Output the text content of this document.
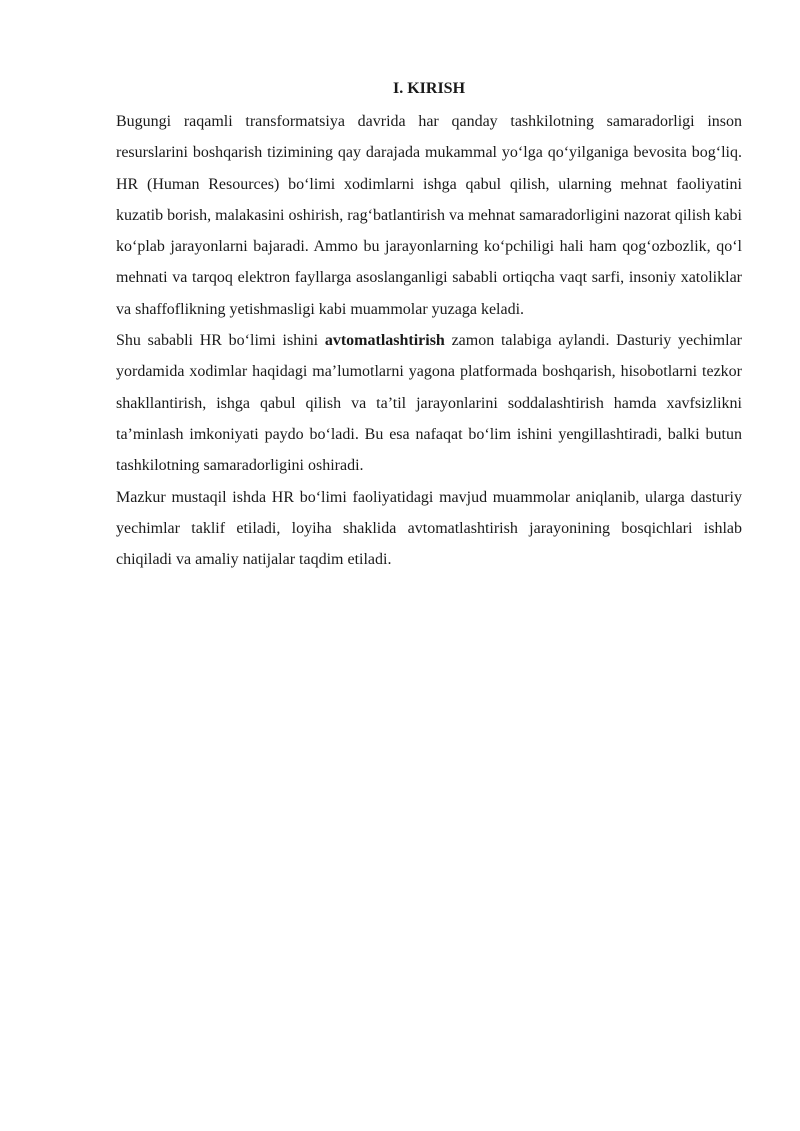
I. KIRISH

Bugungi raqamli transformatsiya davrida har qanday tashkilotning samaradorligi inson resurslarini boshqarish tizimining qay darajada mukammal yo‘lga qo‘yilganiga bevosita bog‘liq. HR (Human Resources) bo‘limi xodimlarni ishga qabul qilish, ularning mehnat faoliyatini kuzatib borish, malakasini oshirish, rag‘batlantirish va mehnat samaradorligini nazorat qilish kabi ko‘plab jarayonlarni bajaradi. Ammo bu jarayonlarning ko‘pchiligi hali ham qog‘ozbozlik, qo‘l mehnati va tarqoq elektron fayllarga asoslanganligi sababli ortiqcha vaqt sarfi, insoniy xatoliklar va shaffoflikning yetishmasligi kabi muammolar yuzaga keladi.

Shu sababli HR bo‘limi ishini avtomatlashtirish zamon talabiga aylandi. Dasturiy yechimlar yordamida xodimlar haqidagi ma’lumotlarni yagona platformada boshqarish, hisobotlarni tezkor shakllantirish, ishga qabul qilish va ta’til jarayonlarini soddalashtirish hamda xavfsizlikni ta’minlash imkoniyati paydo bo‘ladi. Bu esa nafaqat bo‘lim ishini yengillashtiradi, balki butun tashkilotning samaradorligini oshiradi.

Mazkur mustaqil ishda HR bo‘limi faoliyatidagi mavjud muammolar aniqlanib, ularga dasturiy yechimlar taklif etiladi, loyiha shaklida avtomatlashtirish jarayonining bosqichlari ishlab chiqiladi va amaliy natijalar taqdim etiladi.
